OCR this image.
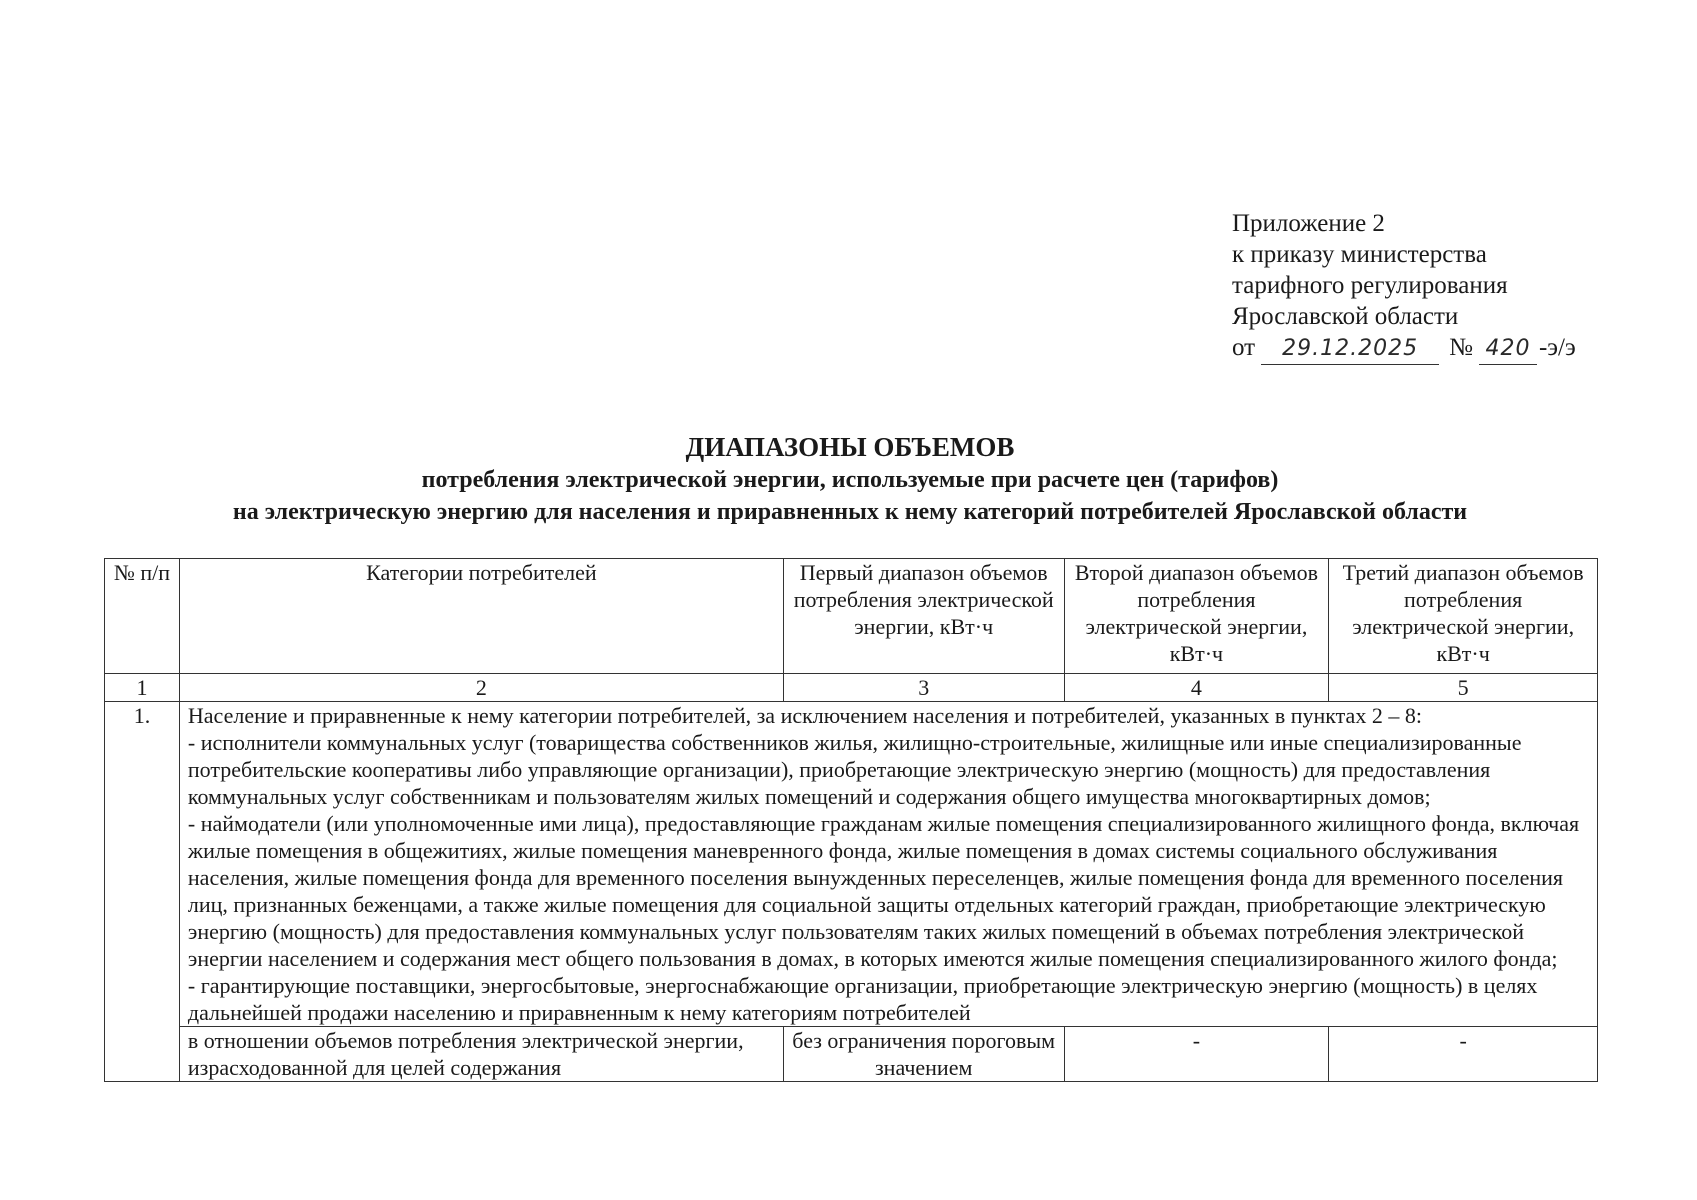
Приложение 2
к приказу министерства
тарифного регулирования
Ярославской области
от	29.12.2025	№ 420 -э/э
ДИАПАЗОНЫ ОБЪЕМОВ
потребления электрической энергии, используемые при расчете цен (тарифов)
на электрическую энергию для населения и приравненных к нему категорий потребителей Ярославской области
№ п/п	Категории потребителей	Первый диапазон объемов потребления электрической энергии, кВт·ч	Второй диапазон объемов потребления электрической энергии, кВт·ч	Третий диапазон объемов потребления электрической энергии, кВт·ч
1	2	3	4	5
1.	Население и приравненные к нему категории потребителей, за исключением населения и потребителей, указанных в пунктах 2 – 8:

- исполнители коммунальных услуг (товарищества собственников жилья, жилищно-строительные, жилищные или иные специализированные потребительские кооперативы либо управляющие организации), приобретающие электрическую энергию (мощность) для предоставления коммунальных услуг собственникам и пользователям жилых помещений и содержания общего имущества многоквартирных домов;

- наймодатели (или уполномоченные ими лица), предоставляющие гражданам жилые помещения специализированного жилищного фонда, включая жилые помещения в общежитиях, жилые помещения маневренного фонда, жилые помещения в домах системы социального обслуживания населения, жилые помещения фонда для временного поселения вынужденных переселенцев, жилые помещения фонда для временного поселения лиц, признанных беженцами, а также жилые помещения для социальной защиты отдельных категорий граждан, приобретающие электрическую энергию (мощность) для предоставления коммунальных услуг пользователям таких жилых помещений в объемах потребления электрической энергии населением и содержания мест общего пользования в домах, в которых имеются жилые помещения специализированного жилого фонда;

- гарантирующие поставщики, энергосбытовые, энергоснабжающие организации, приобретающие электрическую энергию (мощность) в целях дальнейшей продажи населению и приравненным к нему категориям потребителей			

	в отношении объемов потребления электрической энергии, израсходованной для целей содержания	без ограничения пороговым значением	-	-
